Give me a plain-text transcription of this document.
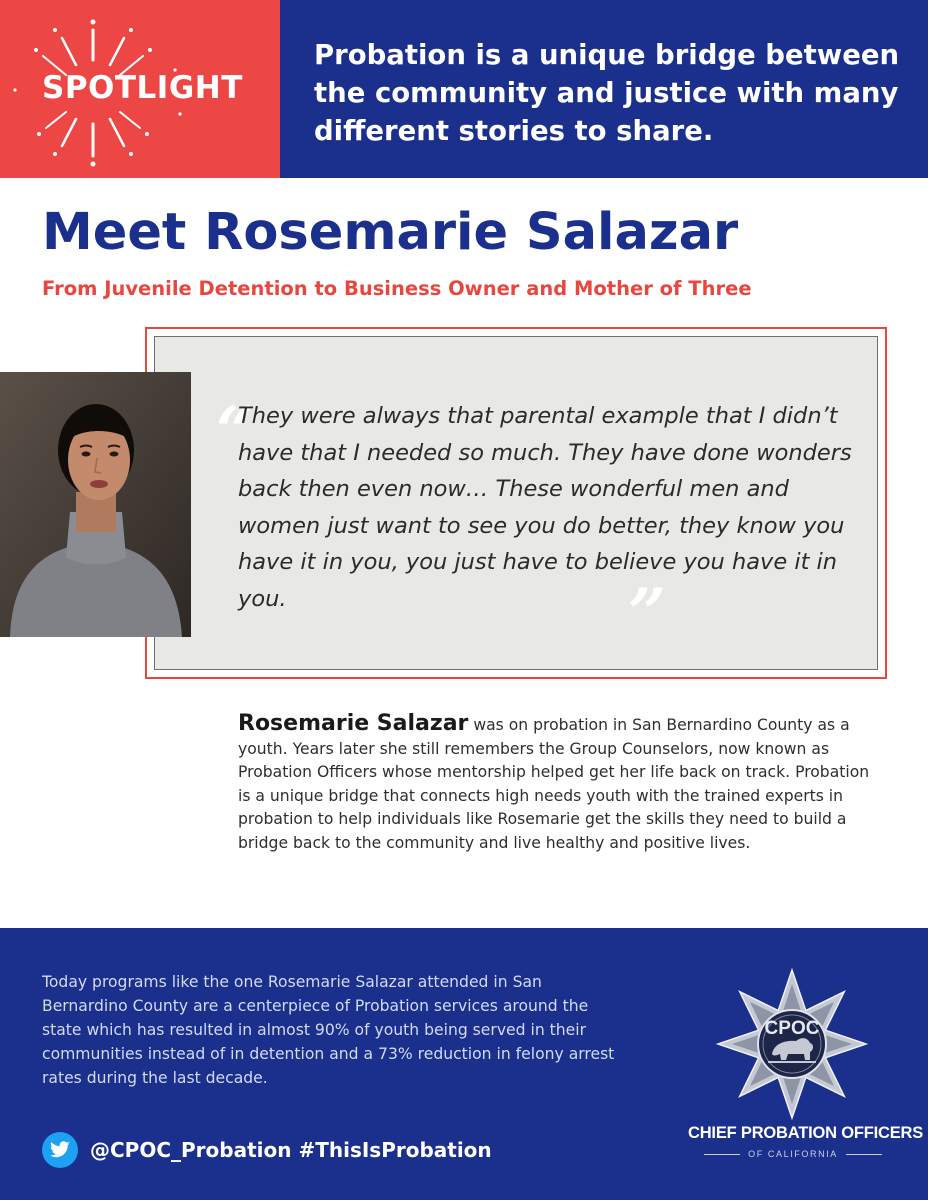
SPOTLIGHT
Probation is a unique bridge between the community and justice with many different stories to share.
Meet Rosemarie Salazar
From Juvenile Detention to Business Owner and Mother of Three
“

They were always that parental example that I didn’t have that I needed so much. They have done wonders back then even now… These wonderful men and women just want to see you do better, they know you have it in you, you just have to believe you have it in you.	”

Rosemarie Salazar was on probation in San Bernardino County as a youth. Years later she still remembers the Group Counselors, now known as Probation Officers whose mentorship helped get her life back on track. Probation is a unique bridge that connects high needs youth with the trained experts in probation to help individuals like Rosemarie get the skills they need to build a bridge back to the community and live healthy and positive lives.

Today programs like the one Rosemarie Salazar attended in San Bernardino County are a centerpiece of Probation services around the state which has resulted in almost 90% of youth being served in their communities instead of in detention and a 73% reduction in felony arrest rates during the last decade.

@CPOC_Probation #ThisIsProbation
CPOC
CHIEF PROBATION OFFICERS
OF CALIFORNIA
